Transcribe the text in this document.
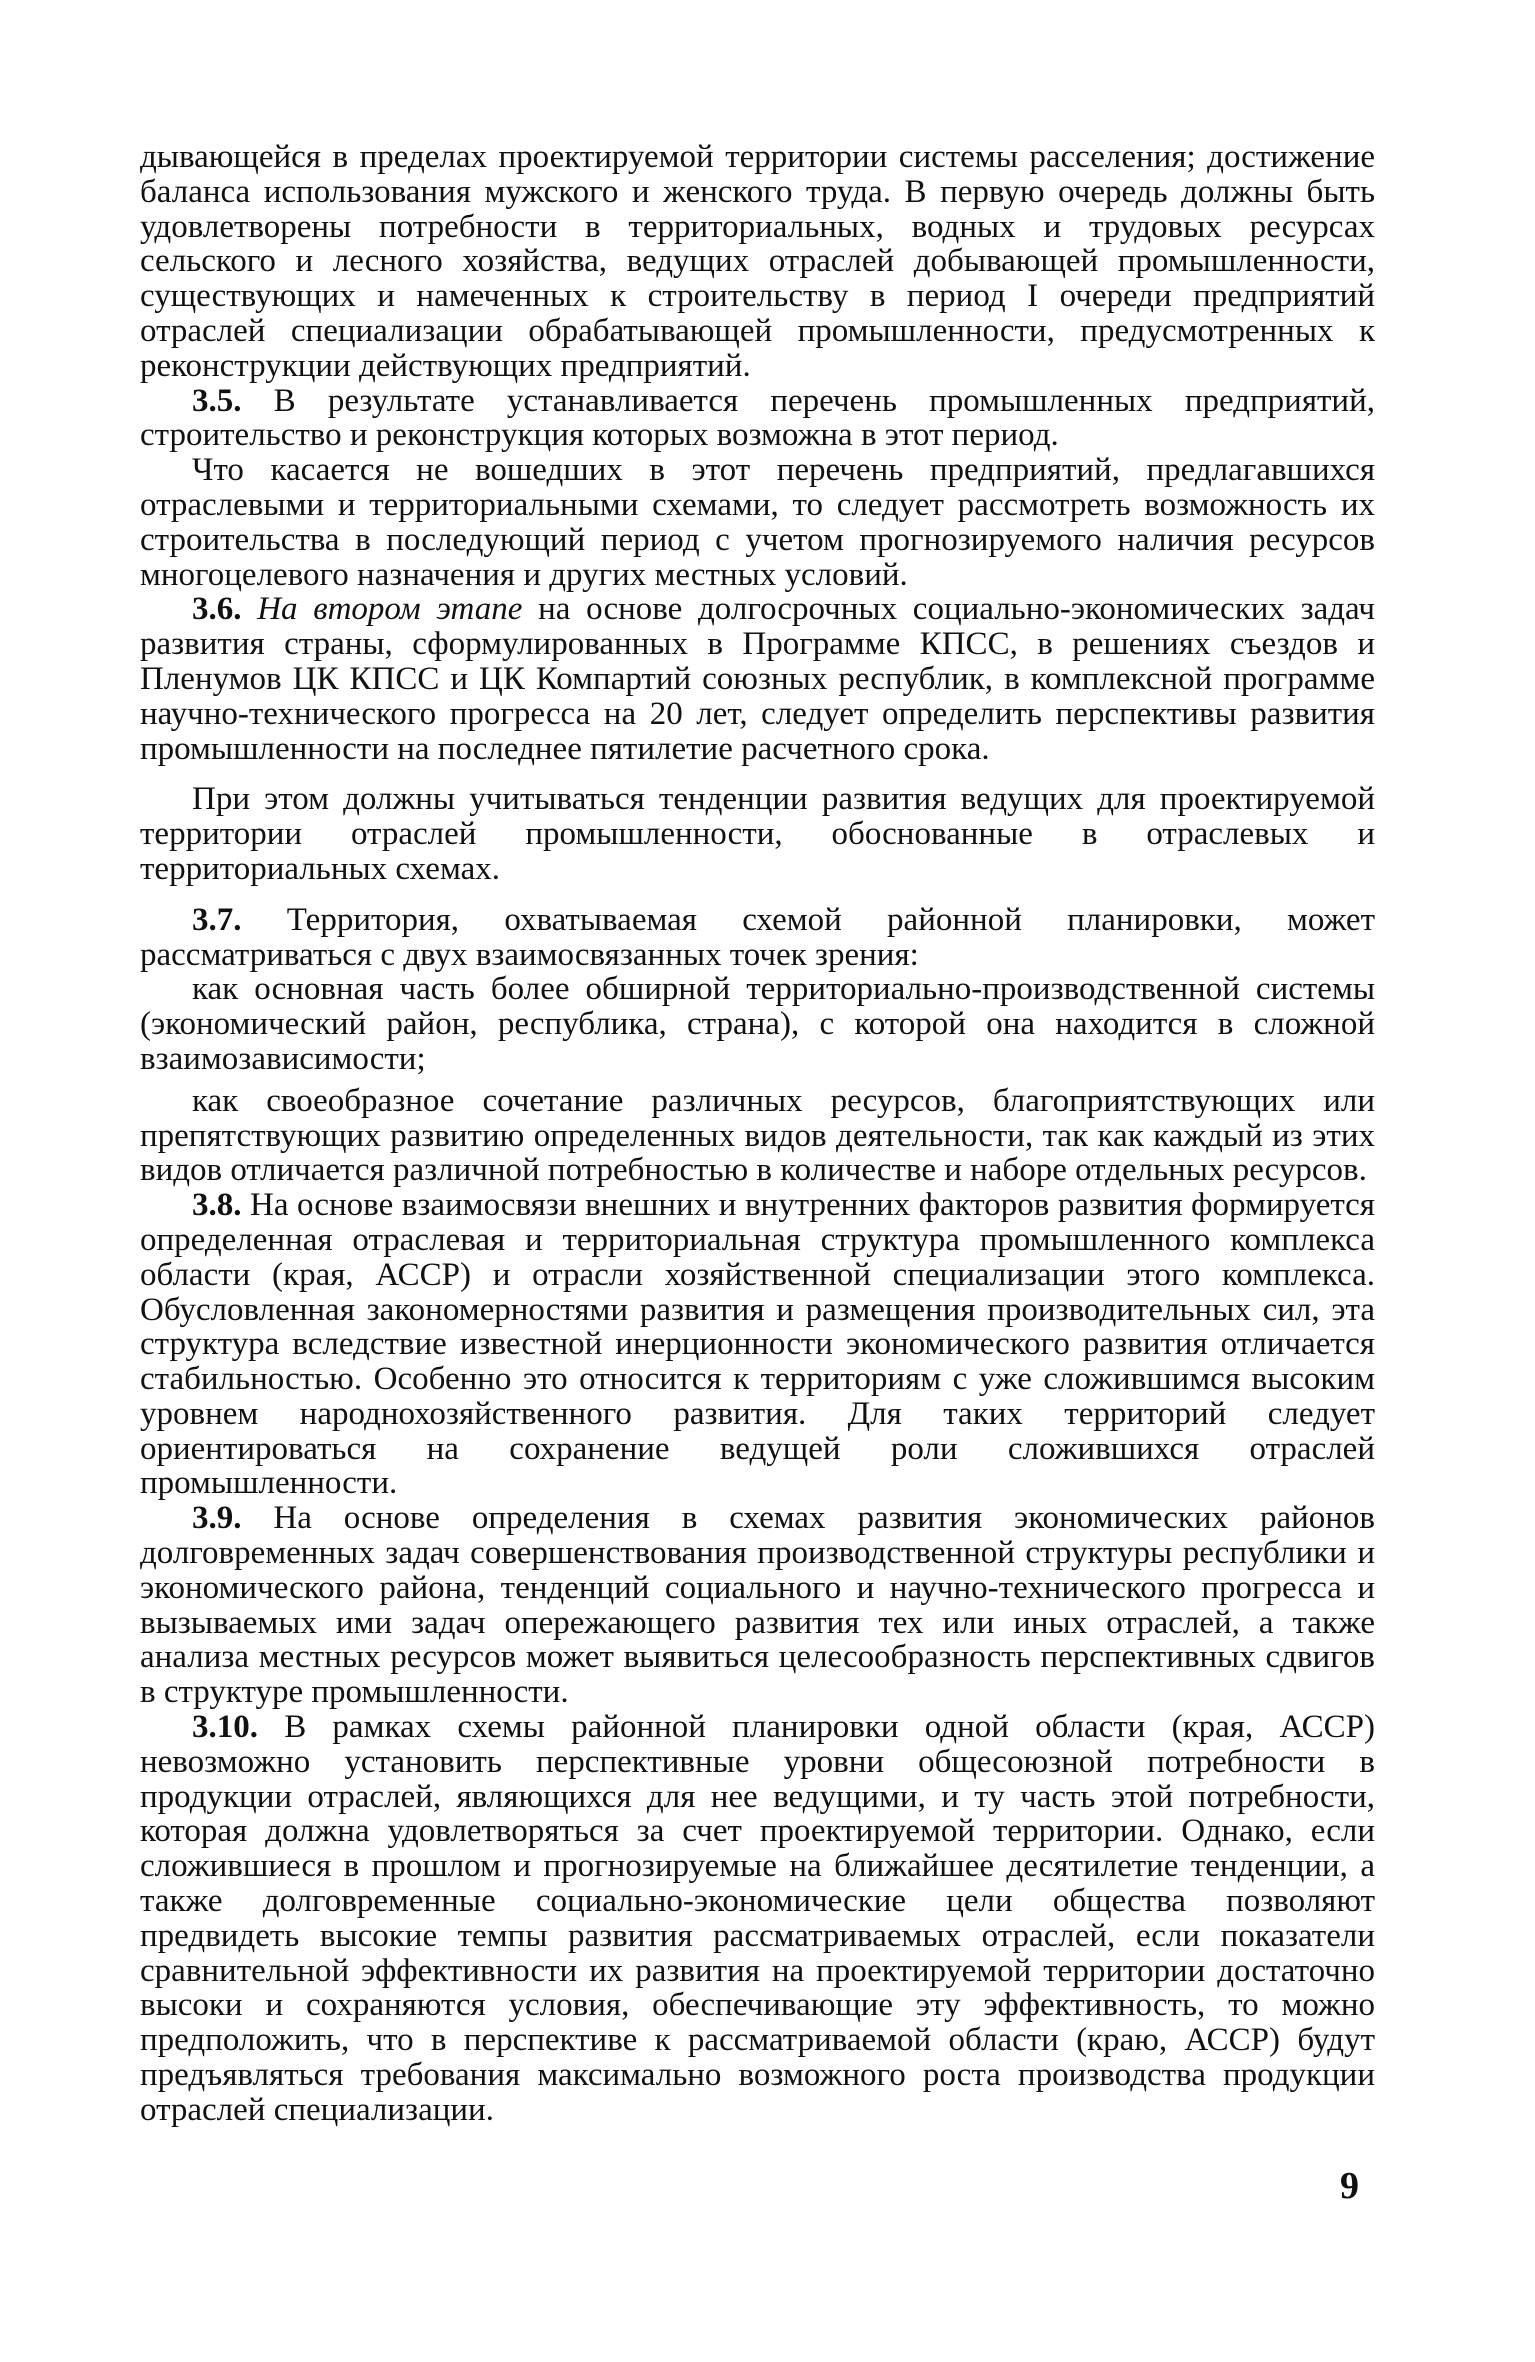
дывающейся в пределах проектируемой территории системы расселения; достижение баланса использования мужского и женского труда. В первую очередь должны быть удовлетворены потребности в территориальных, водных и трудовых ресурсах сельского и лесного хозяйства, ведущих отраслей добывающей промышленности, существующих и намеченных к строительству в период I очереди предприятий отраслей специализации обрабатывающей промышленности, предусмотренных к реконструкции действующих предприятий.

3.5. В результате устанавливается перечень промышленных предприятий, строительство и реконструкция которых возможна в этот период.

Что касается не вошедших в этот перечень предприятий, предлагавшихся отраслевыми и территориальными схемами, то следует рассмотреть возможность их строительства в последующий период с учетом прогнозируемого наличия ресурсов многоцелевого назначения и других местных условий.

3.6. На втором этапе на основе долгосрочных социально-экономических задач развития страны, сформулированных в Программе КПСС, в решениях съездов и Пленумов ЦК КПСС и ЦК Компартий союзных республик, в комплексной программе научно-технического прогресса на 20 лет, следует определить перспективы развития промышленности на последнее пятилетие расчетного срока.

При этом должны учитываться тенденции развития ведущих для проектируемой территории отраслей промышленности, обоснованные в отраслевых и территориальных схемах.

3.7. Территория, охватываемая схемой районной планировки, может рассматриваться с двух взаимосвязанных точек зрения:

как основная часть более обширной территориально-производственной системы (экономический район, республика, страна), с которой она находится в сложной взаимозависимости;

как своеобразное сочетание различных ресурсов, благоприятствующих или препятствующих развитию определенных видов деятельности, так как каждый из этих видов отличается различной потребностью в количестве и наборе отдельных ресурсов.

3.8. На основе взаимосвязи внешних и внутренних факторов развития формируется определенная отраслевая и территориальная структура промышленного комплекса области (края, АССР) и отрасли хозяйственной специализации этого комплекса. Обусловленная закономерностями развития и размещения производительных сил, эта структура вследствие известной инерционности экономического развития отличается стабильностью. Особенно это относится к территориям с уже сложившимся высоким уровнем народнохозяйственного развития. Для таких территорий следует ориентироваться на сохранение ведущей роли сложившихся отраслей промышленности.

3.9. На основе определения в схемах развития экономических районов долговременных задач совершенствования производственной структуры республики и экономического района, тенденций социального и научно-технического прогресса и вызываемых ими задач опережающего развития тех или иных отраслей, а также анализа местных ресурсов может выявиться целесообразность перспективных сдвигов в структуре промышленности.

3.10. В рамках схемы районной планировки одной области (края, АССР) невозможно установить перспективные уровни общесоюзной потребности в продукции отраслей, являющихся для нее ведущими, и ту часть этой потребности, которая должна удовлетворяться за счет проектируемой территории. Однако, если сложившиеся в прошлом и прогнозируемые на ближайшее десятилетие тенденции, а также долговременные социально-экономические цели общества позволяют предвидеть высокие темпы развития рассматриваемых отраслей, если показатели сравнительной эффективности их развития на проектируемой территории достаточно высоки и сохраняются условия, обеспечивающие эту эффективность, то можно предположить, что в перспективе к рассматриваемой области (краю, АССР) будут предъявляться требования максимально возможного роста производства продукции отраслей специализации.

9
